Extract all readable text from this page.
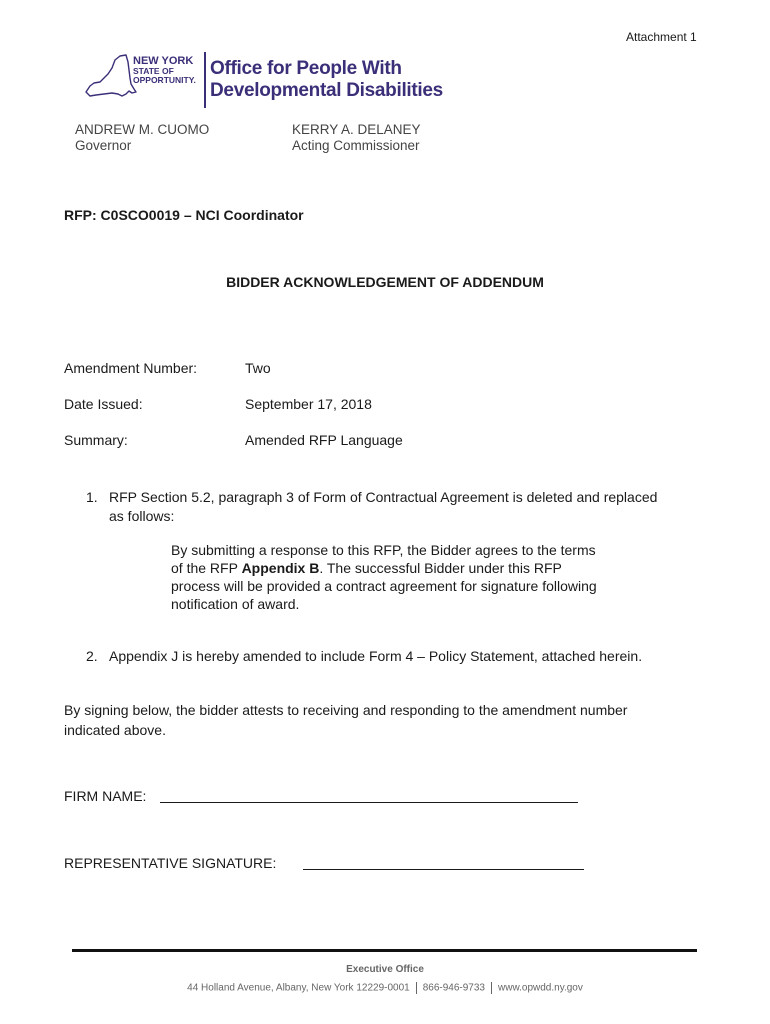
Attachment 1
NEW YORK
STATE OF
OPPORTUNITY.
Office for People With
Developmental Disabilities
ANDREW M. CUOMO
Governor
KERRY A. DELANEY
Acting Commissioner
RFP: C0SCO0019 – NCI Coordinator
BIDDER ACKNOWLEDGEMENT OF ADDENDUM
Amendment Number:	Two
Date Issued:	September 17, 2018
Summary:	Amended RFP Language
1. RFP Section 5.2, paragraph 3 of Form of Contractual Agreement is deleted and replaced
as follows:
By submitting a response to this RFP, the Bidder agrees to the terms
of the RFP Appendix B. The successful Bidder under this RFP
process will be provided a contract agreement for signature following
notification of award.
2. Appendix J is hereby amended to include Form 4 – Policy Statement, attached herein.
By signing below, the bidder attests to receiving and responding to the amendment number
indicated above.
FIRM NAME:
REPRESENTATIVE SIGNATURE:
Executive Office
44 Holland Avenue, Albany, New York 12229-0001 866-946-9733 www.opwdd.ny.gov
